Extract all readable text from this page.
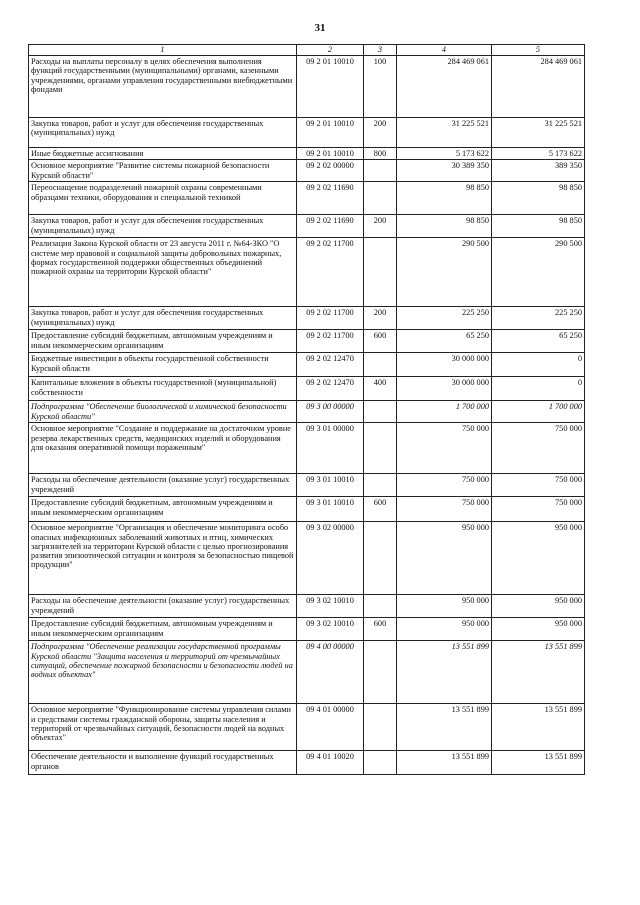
31
1	2	3	4	5
Расходы на выплаты персоналу в целях обеспечения выполнения функций государственными (муниципальными) органами, казенными учреждениями, органами управления государственными внебюджетными фондами	09 2 01 10010	100	284 469 061	284 469 061
Закупка товаров, работ и услуг для обеспечения государственных (муниципальных) нужд	09 2 01 10010	200	31 225 521	31 225 521
Иные бюджетные ассигнования	09 2 01 10010	800	5 173 622	5 173 622
Основное мероприятие "Развитие системы пожарной безопасности Курской области"	09 2 02 00000		30 389 350	389 350
Переоснащение подразделений пожарной охраны современными образцами техники, оборудования и специальной техникой	09 2 02 11690		98 850	98 850
Закупка товаров, работ и услуг для обеспечения государственных (муниципальных) нужд	09 2 02 11690	200	98 850	98 850
Реализация Закона Курской области от 23 августа 2011 г. №64-ЗКО "О системе мер правовой и социальной защиты добровольных пожарных, формах государственной поддержки общественных объединений пожарной охраны на территории Курской области"	09 2 02 11700		290 500	290 500
Закупка товаров, работ и услуг для обеспечения государственных (муниципальных) нужд	09 2 02 11700	200	225 250	225 250
Предоставление субсидий бюджетным, автономным учреждениям и иным некоммерческим организациям	09 2 02 11700	600	65 250	65 250
Бюджетные инвестиции в объекты государственной собственности Курской области	09 2 02 12470		30 000 000	0
Капитальные вложения в объекты государственной (муниципальной) собственности	09 2 02 12470	400	30 000 000	0
Подпрограмма "Обеспечение биологической и химической безопасности Курской области"	09 3 00 00000		1 700 000	1 700 000
Основное мероприятие "Создание и поддержание на достаточном уровне резерва лекарственных средств, медицинских изделий и оборудования для оказания оперативной помощи пораженным"	09 3 01 00000		750 000	750 000
Расходы на обеспечение деятельности (оказание услуг) государственных учреждений	09 3 01 10010		750 000	750 000
Предоставление субсидий бюджетным, автономным учреждениям и иным некоммерческим организациям	09 3 01 10010	600	750 000	750 000
Основное мероприятие "Организация и обеспечение мониторинга особо опасных инфекционных заболеваний животных и птиц, химических загрязнителей на территории Курской области с целью прогнозирования развития эпизоотической ситуации и контроля за безопасностью пищевой продукции"	09 3 02 00000		950 000	950 000
Расходы на обеспечение деятельности (оказание услуг) государственных учреждений	09 3 02 10010		950 000	950 000
Предоставление субсидий бюджетным, автономным учреждениям и иным некоммерческим организациям	09 3 02 10010	600	950 000	950 000
Подпрограмма "Обеспечение реализации государственной программы Курской области "Защита населения и территорий от чрезвычайных ситуаций, обеспечение пожарной безопасности и безопасности людей на водных объектах"	09 4 00 00000		13 551 899	13 551 899
Основное мероприятие "Функционирование системы управления силами и средствами системы гражданской обороны, защиты населения и территорий от чрезвычайных ситуаций, безопасности людей на водных объектах"	09 4 01 00000		13 551 899	13 551 899
Обеспечение деятельности и выполнение функций государственных органов	09 4 01 10020		13 551 899	13 551 899
